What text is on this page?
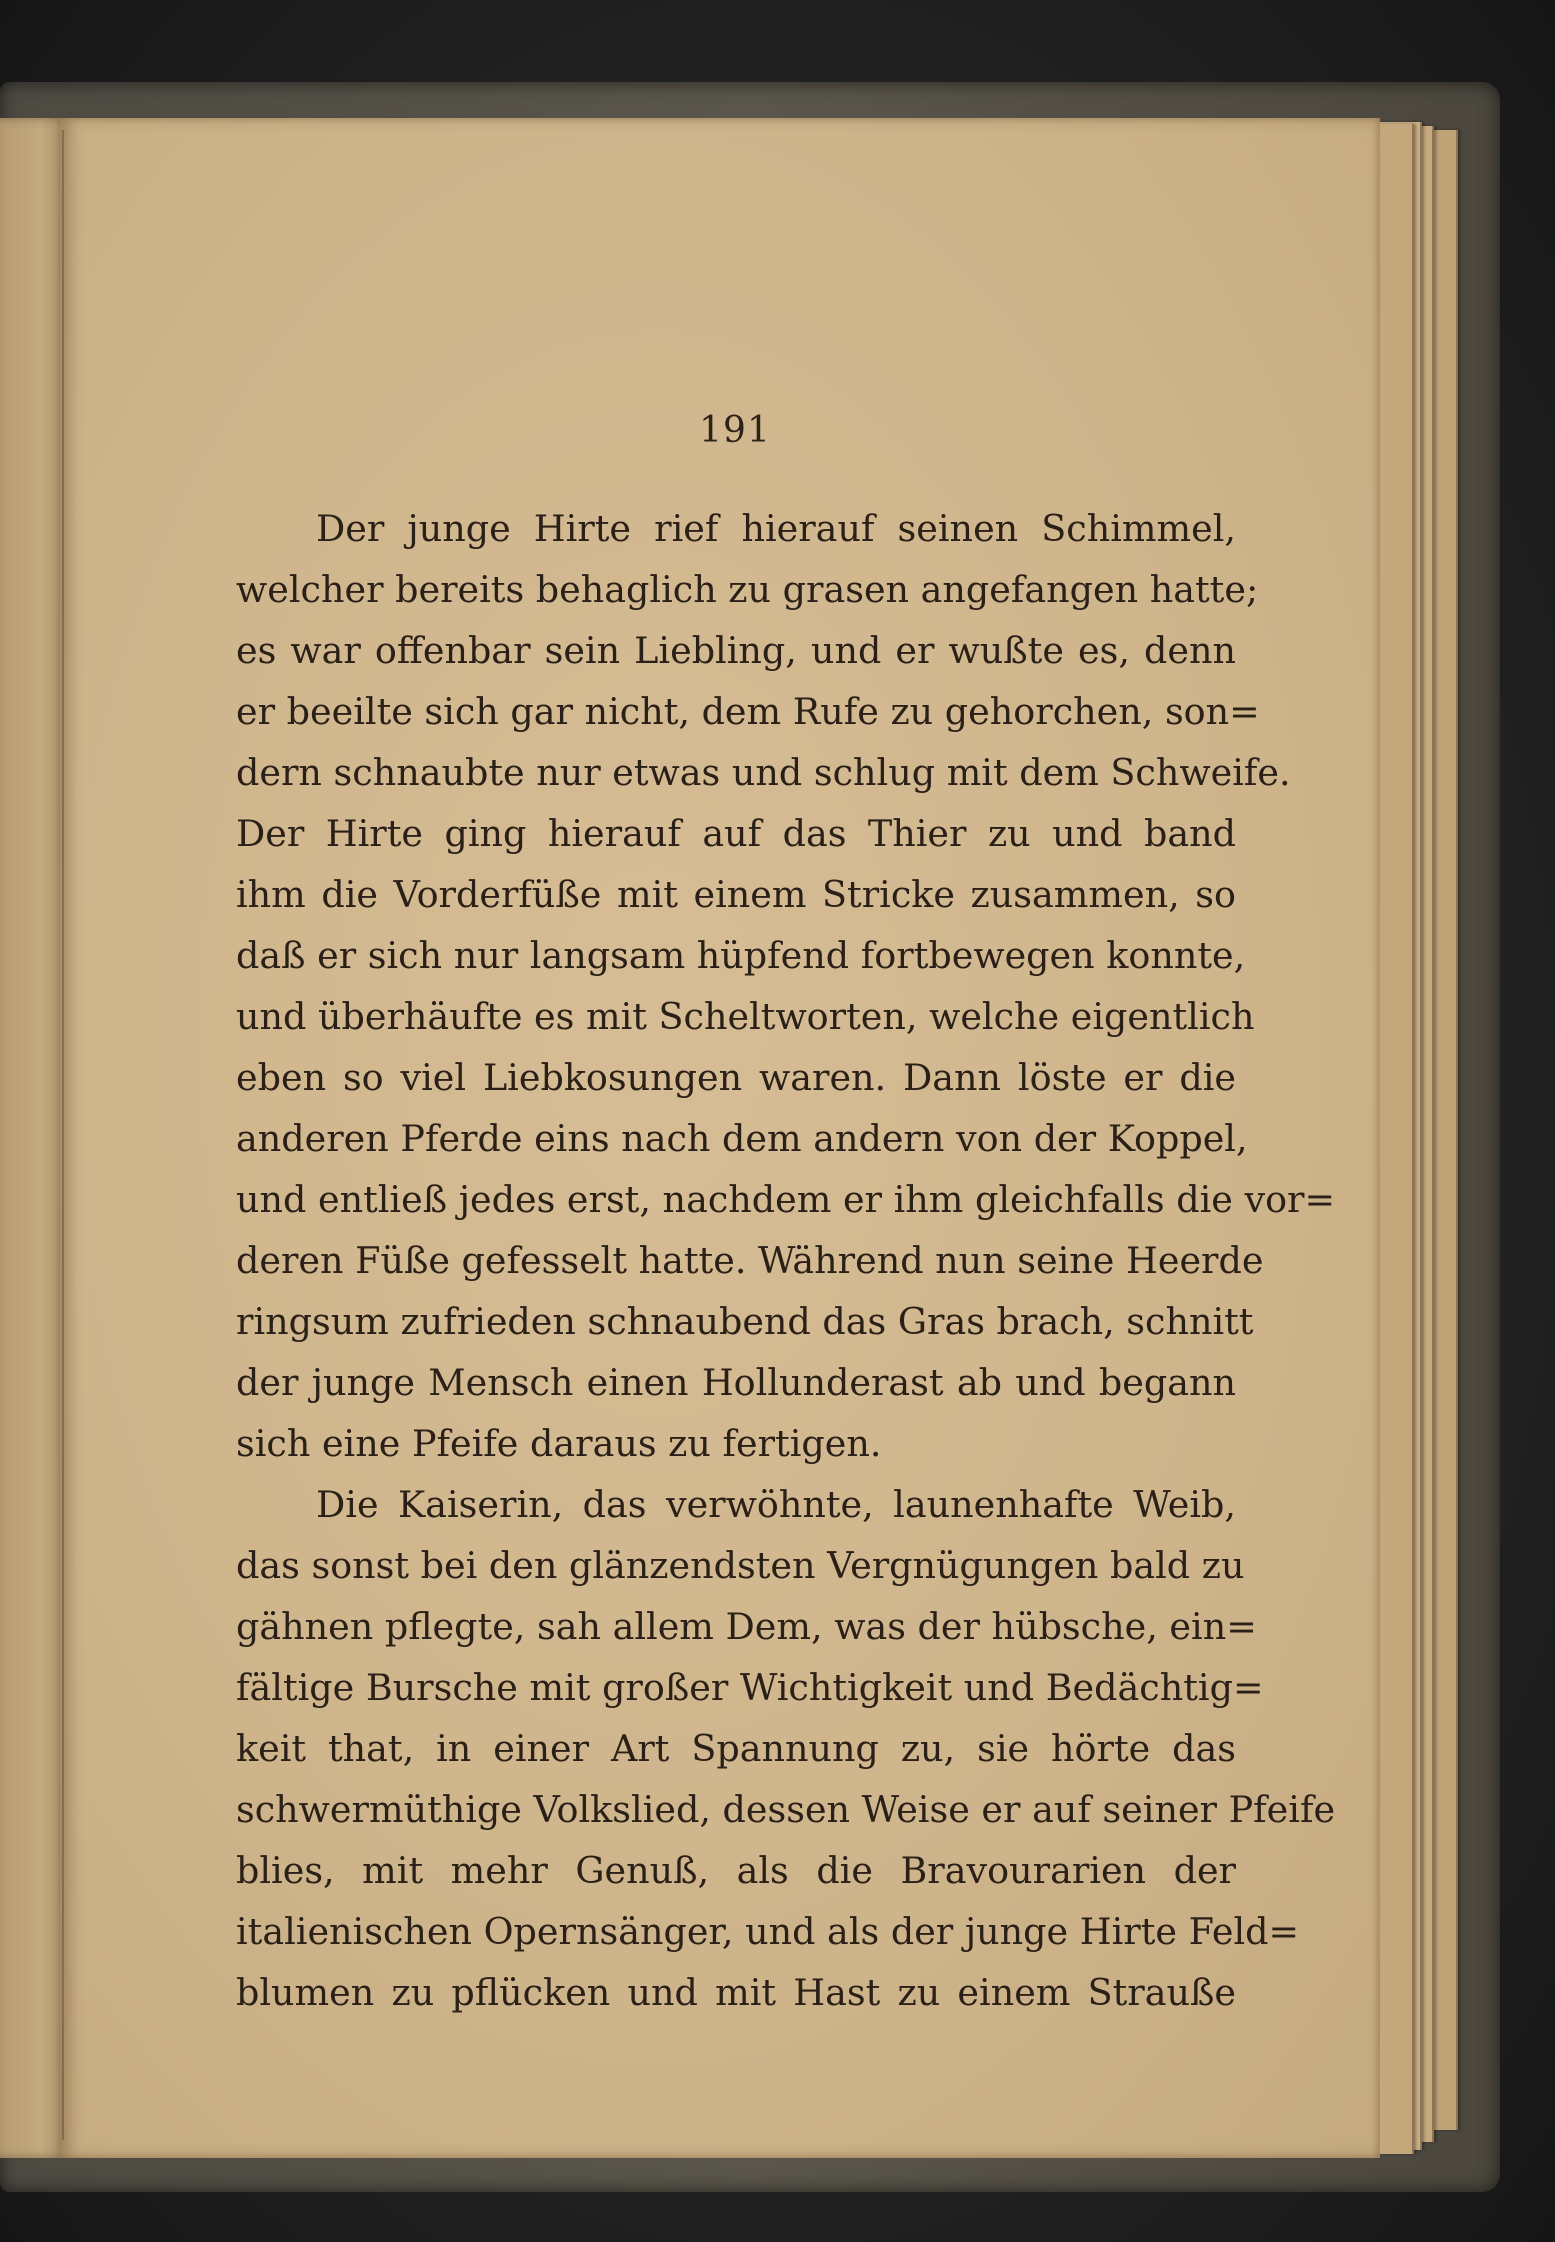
191
Der junge Hirte rief hierauf seinen Schimmel,
welcher bereits behaglich zu grasen angefangen hatte;
es war offenbar sein Liebling, und er wußte es, denn
er beeilte sich gar nicht, dem Rufe zu gehorchen, son=
dern schnaubte nur etwas und schlug mit dem Schweife.
Der Hirte ging hierauf auf das Thier zu und band
ihm die Vorderfüße mit einem Stricke zusammen, so
daß er sich nur langsam hüpfend fortbewegen konnte,
und überhäufte es mit Scheltworten, welche eigentlich
eben so viel Liebkosungen waren. Dann löste er die
anderen Pferde eins nach dem andern von der Koppel,
und entließ jedes erst, nachdem er ihm gleichfalls die vor=
deren Füße gefesselt hatte. Während nun seine Heerde
ringsum zufrieden schnaubend das Gras brach, schnitt
der junge Mensch einen Hollunderast ab und begann
sich eine Pfeife daraus zu fertigen.
Die Kaiserin, das verwöhnte, launenhafte Weib,
das sonst bei den glänzendsten Vergnügungen bald zu
gähnen pflegte, sah allem Dem, was der hübsche, ein=
fältige Bursche mit großer Wichtigkeit und Bedächtig=
keit that, in einer Art Spannung zu, sie hörte das
schwermüthige Volkslied, dessen Weise er auf seiner Pfeife
blies, mit mehr Genuß, als die Bravourarien der
italienischen Opernsänger, und als der junge Hirte Feld=
blumen zu pflücken und mit Hast zu einem Strauße
